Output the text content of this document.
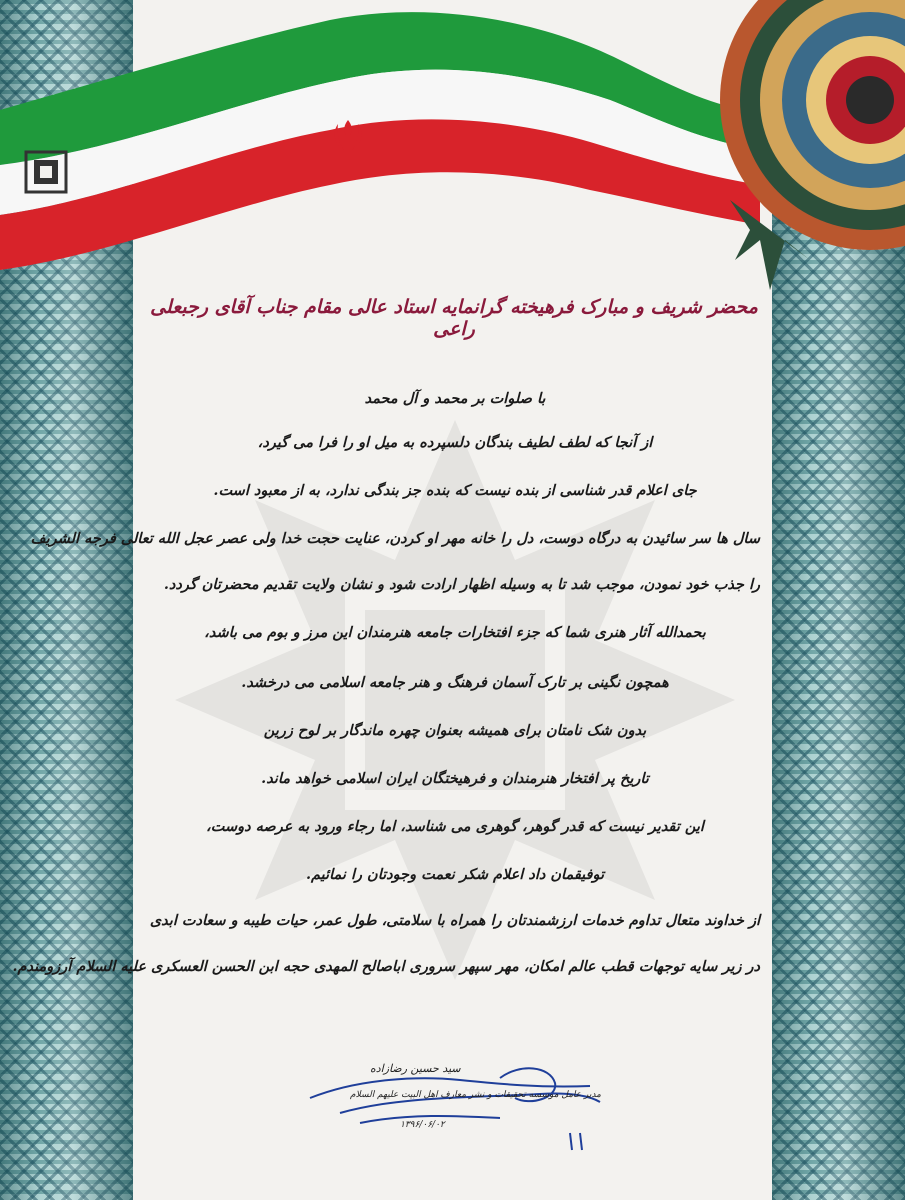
محضر شریف و مبارک فرهیخته گرانمایه استاد عالی مقام جناب آقای رجبعلی راعی
با صلوات بر محمد و آل محمد
از آنجا که لطف لطیف بندگان دلسپرده به میل او را فرا می گیرد،
جای اعلام قدر شناسی از بنده نیست که بنده جز بندگی ندارد، به از معبود است.
سال ها سر سائیدن به درگاه دوست، دل را خانه مهر او کردن، عنایت حجت خدا ولی عصر عجل الله تعالی فرجه الشریف
را جذب خود نمودن، موجب شد تا به وسیله اظهار ارادت شود و نشان ولایت تقدیم محضرتان گردد.
بحمدالله آثار هنری شما که جزء افتخارات جامعه هنرمندان این مرز و بوم می باشد،
همچون نگینی بر تارک آسمان فرهنگ و هنر جامعه اسلامی می درخشد.
بدون شک نامتان برای همیشه بعنوان چهره ماندگار بر لوح زرین
تاریخ پر افتخار هنرمندان و فرهیختگان ایران اسلامی خواهد ماند.
این تقدیر نیست که قدر گوهر، گوهری می شناسد، اما رجاء ورود به عرصه دوست،
توفیقمان داد اعلام شکر نعمت وجودتان را نمائیم.
از خداوند متعال تداوم خدمات ارزشمندتان را همراه با سلامتی، طول عمر، حیات طیبه و سعادت ابدی
در زیر سایه توجهات قطب عالم امکان، مهر سپهر سروری اباصالح المهدی حجه ابن الحسن العسکری علیه السلام آرزومندم.
سید حسین رضازاده
مدیر عامل موسسه تحقیقات و نشر معارف اهل البیت علیهم السلام
۱۳۹۶/۰۶/۰۲
